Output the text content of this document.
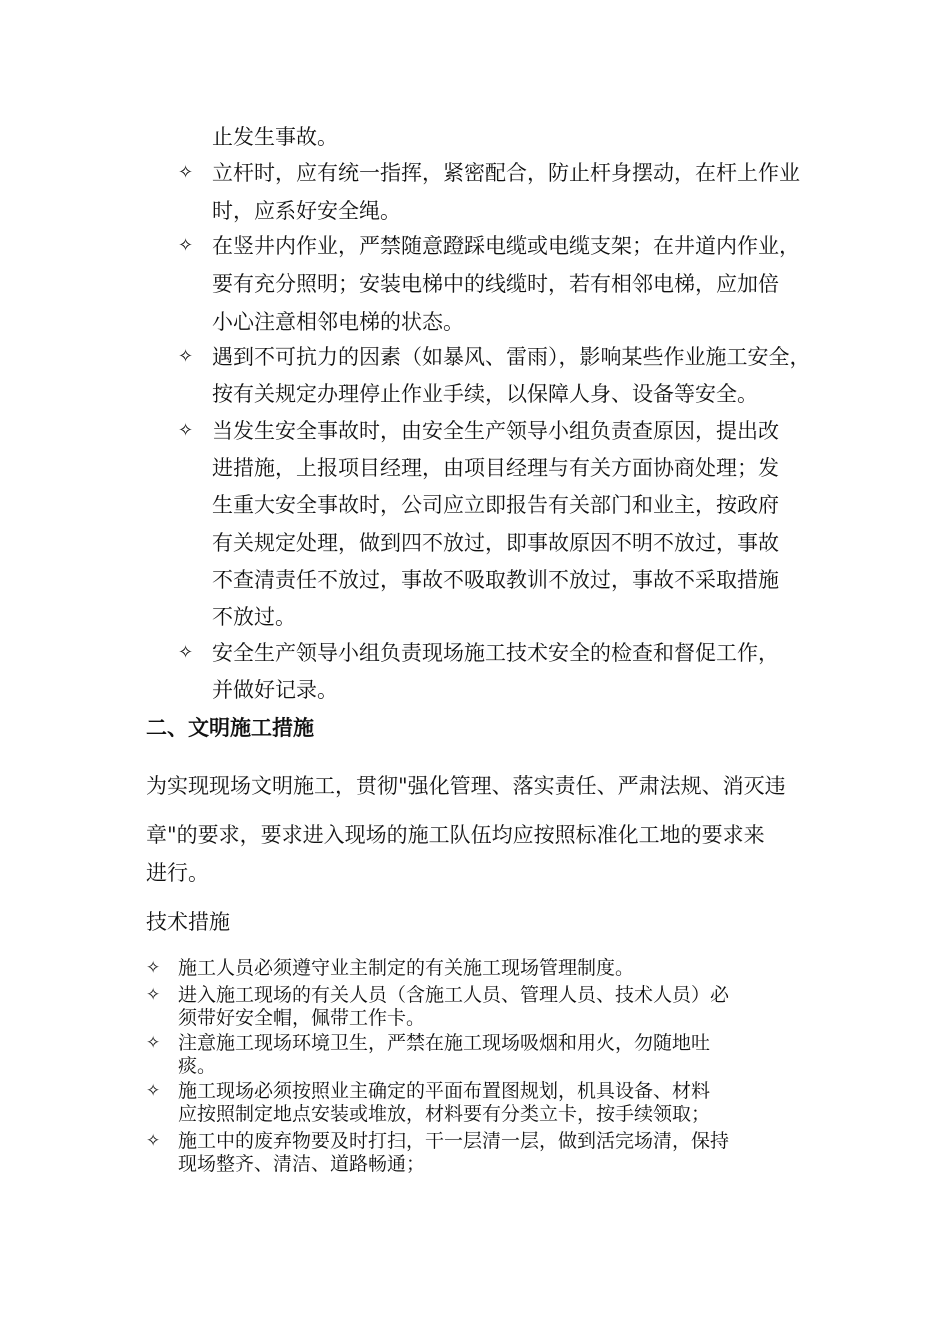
止发生事故。
✧ 立杆时，应有统一指挥，紧密配合，防止杆身摆动，在杆上作业
时，应系好安全绳。
✧ 在竖井内作业，严禁随意蹬踩电缆或电缆支架；在井道内作业，
要有充分照明；安装电梯中的线缆时，若有相邻电梯，应加倍
小心注意相邻电梯的状态。
✧ 遇到不可抗力的因素（如暴风、雷雨），影响某些作业施工安全，
按有关规定办理停止作业手续，以保障人身、设备等安全。
✧ 当发生安全事故时，由安全生产领导小组负责查原因，提出改
进措施，上报项目经理，由项目经理与有关方面协商处理；发
生重大安全事故时，公司应立即报告有关部门和业主，按政府
有关规定处理，做到四不放过，即事故原因不明不放过，事故
不查清责任不放过，事故不吸取教训不放过，事故不采取措施
不放过。
✧ 安全生产领导小组负责现场施工技术安全的检查和督促工作，
并做好记录。
二、文明施工措施
为实现现场文明施工，贯彻"强化管理、落实责任、严肃法规、消灭违
章"的要求，要求进入现场的施工队伍均应按照标准化工地的要求来
进行。
技术措施
✧ 施工人员必须遵守业主制定的有关施工现场管理制度。
✧ 进入施工现场的有关人员（含施工人员、管理人员、技术人员）必
须带好安全帽，佩带工作卡。
✧ 注意施工现场环境卫生，严禁在施工现场吸烟和用火，勿随地吐
痰。
✧ 施工现场必须按照业主确定的平面布置图规划，机具设备、材料
应按照制定地点安装或堆放，材料要有分类立卡，按手续领取；
✧ 施工中的废弃物要及时打扫，干一层清一层，做到活完场清，保持
现场整齐、清洁、道路畅通；
